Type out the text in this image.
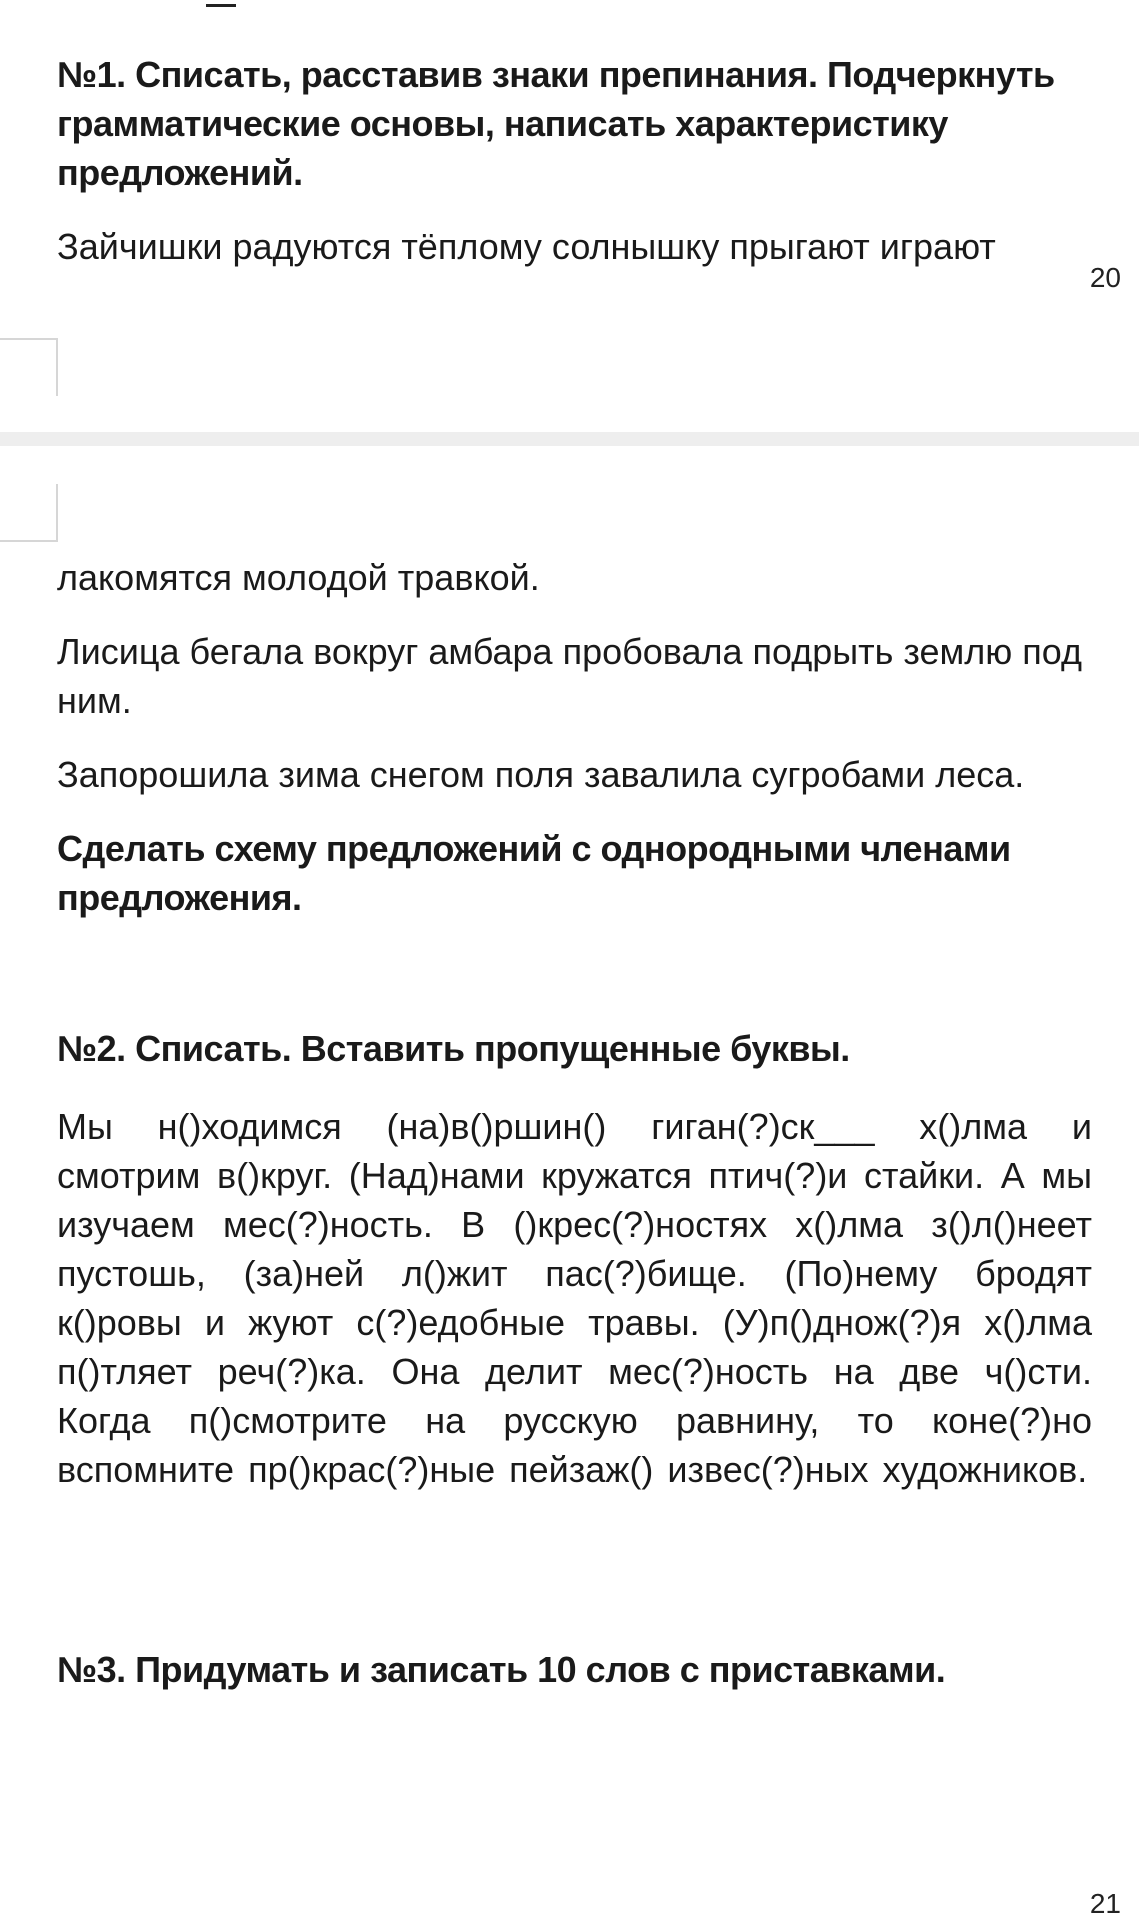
№1. Списать, расставив знаки препинания. Подчеркнуть грамматические основы, написать характеристику предложений.

Зайчишки радуются тёплому солнышку прыгают играют

20

лакомятся молодой травкой.

Лисица бегала вокруг амбара пробовала подрыть землю под ним.

Запорошила зима снегом поля завалила сугробами леса.

Сделать схему предложений с однородными членами предложения.

№2. Списать. Вставить пропущенные буквы.

Мы н()ходимся (на)в()ршин() гиган(?)ск___ х()лма и смотрим в()круг. (Над)нами кружатся птич(?)и стайки. А мы изучаем мес(?)ность. В ()крес(?)ностях х()лма з()л()неет пустошь, (за)ней л()жит пас(?)бище. (По)нему бродят к()ровы и жуют с(?)едобные травы. (У)п()днож(?)я х()лма п()тляет реч(?)ка. Она делит мес(?)ность на две ч()сти. Когда п()смотрите на русскую равнину, то коне(?)но вспомните пр()крас(?)ные пейзаж() извес(?)ных художников.

№3. Придумать и записать 10 слов с приставками.

21
